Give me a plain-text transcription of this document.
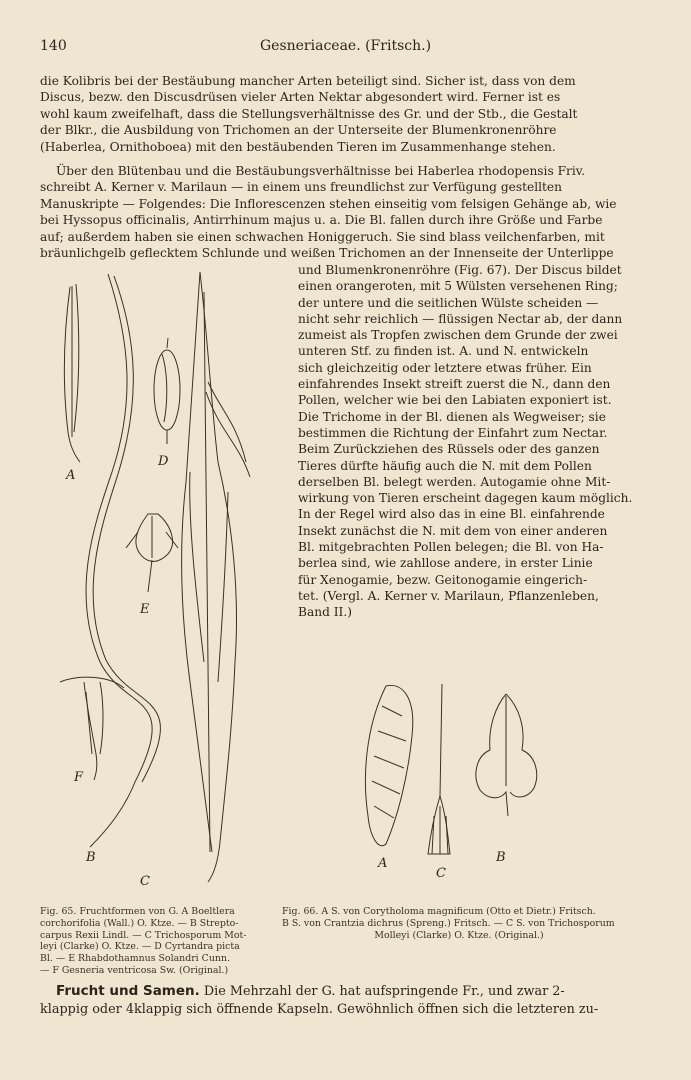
140	Gesneriaceae. (Fritsch.)

die Kolibris bei der Bestäubung mancher Arten beteiligt sind. Sicher ist, dass von dem

Discus, bezw. den Discusdrüsen vieler Arten Nektar abgesondert wird. Ferner ist es

wohl kaum zweifelhaft, dass die Stellungsverhältnisse des Gr. und der Stb., die Gestalt

der Blkr., die Ausbildung von Trichomen an der Unterseite der Blumenkronenröhre

(Haberlea, Ornithoboea) mit den bestäubenden Tieren im Zusammenhange stehen.

Über den Blütenbau und die Bestäubungsverhältnisse bei Haberlea rhodopensis Friv.

schreibt A. Kerner v. Marilaun — in einem uns freundlichst zur Verfügung gestellten

Manuskripte — Folgendes: Die Inflorescenzen stehen einseitig vom felsigen Gehänge ab, wie

bei Hyssopus officinalis, Antirrhinum majus u. a. Die Bl. fallen durch ihre Größe und Farbe

auf; außerdem haben sie einen schwachen Honiggeruch. Sie sind blass veilchenfarben, mit

bräunlichgelb geflecktem Schlunde und weißen Trichomen an der Innenseite der Unterlippe

und Blumenkronenröhre (Fig. 67). Der Discus bildet

einen orangeroten, mit 5 Wülsten versehenen Ring;

der untere und die seitlichen Wülste scheiden —

nicht sehr reichlich — flüssigen Nectar ab, der dann

zumeist als Tropfen zwischen dem Grunde der zwei

unteren Stf. zu finden ist. A. und N. entwickeln

sich gleichzeitig oder letztere etwas früher. Ein

einfahrendes Insekt streift zuerst die N., dann den

Pollen, welcher wie bei den Labiaten exponiert ist.

Die Trichome in der Bl. dienen als Wegweiser; sie

bestimmen die Richtung der Einfahrt zum Nectar.

Beim Zurückziehen des Rüssels oder des ganzen

Tieres dürfte häufig auch die N. mit dem Pollen

derselben Bl. belegt werden. Autogamie ohne Mit-

wirkung von Tieren erscheint dagegen kaum möglich.

In der Regel wird also das in eine Bl. einfahrende

Insekt zunächst die N. mit dem von einer anderen

Bl. mitgebrachten Pollen belegen; die Bl. von Ha-

berlea sind, wie zahllose andere, in erster Linie

für Xenogamie, bezw. Geitonogamie eingerich-

tet. (Vergl. A. Kerner v. Marilaun, Pflanzenleben,

Band II.)

A
B
C
D
E
F
A
C
B

Fig. 65. Fruchtformen von G. A Boeltlera

corchorifolia (Wall.) O. Ktze. — B Strepto-

carpus Rexii Lindl. — C Trichosporum Mot-

leyi (Clarke) O. Ktze. — D Cyrtandra picta

Bl. — E Rhabdothamnus Solandri Cunn.

— F Gesneria ventricosa Sw. (Original.)

Fig. 66. A S. von Corytholoma magnificum (Otto et Dietr.) Fritsch.

B S. von Crantzia dichrus (Spreng.) Fritsch. — C S. von Trichosporum

Molleyi (Clarke) O. Ktze. (Original.)

Frucht und Samen. Die Mehrzahl der G. hat aufspringende Fr., und zwar 2-

klappig oder 4klappig sich öffnende Kapseln. Gewöhnlich öffnen sich die letzteren zu-
